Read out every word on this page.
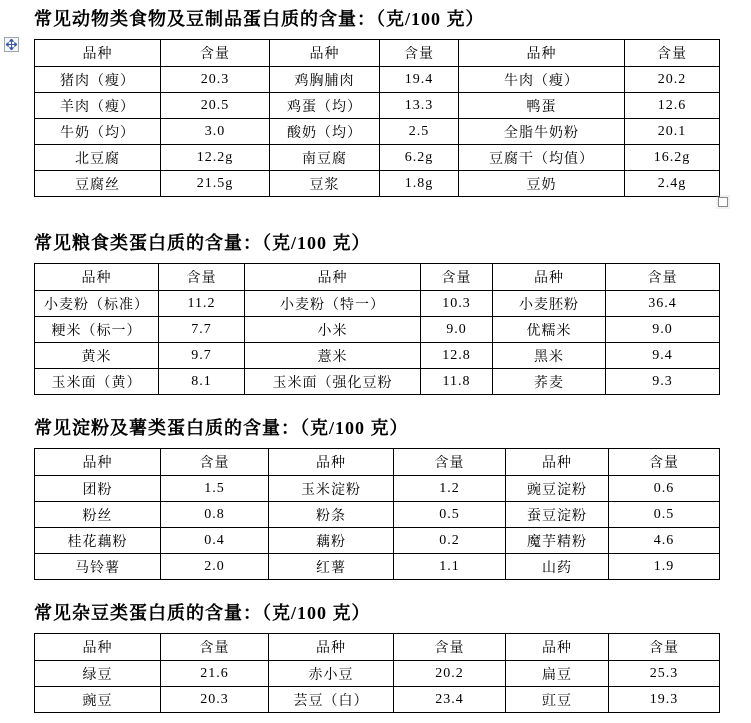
常见动物类食物及豆制品蛋白质的含量：（克/100 克）
品种	含量	品种	含量	品种	含量
猪肉（瘦）	20.3	鸡胸脯肉	19.4	牛肉（瘦）	20.2
羊肉（瘦）	20.5	鸡蛋（均）	13.3	鸭蛋	12.6
牛奶（均）	3.0	酸奶（均）	2.5	全脂牛奶粉	20.1
北豆腐	12.2g	南豆腐	6.2g	豆腐干（均值）	16.2g
豆腐丝	21.5g	豆浆	1.8g	豆奶	2.4g
常见粮食类蛋白质的含量：（克/100 克）
品种	含量	品种	含量	品种	含量
小麦粉（标准）	11.2	小麦粉（特一）	10.3	小麦胚粉	36.4
粳米（标一）	7.7	小米	9.0	优糯米	9.0
黄米	9.7	薏米	12.8	黑米	9.4
玉米面（黄）	8.1	玉米面（强化豆粉	11.8	荞麦	9.3
常见淀粉及薯类蛋白质的含量：（克/100 克）
品种	含量	品种	含量	品种	含量
团粉	1.5	玉米淀粉	1.2	豌豆淀粉	0.6
粉丝	0.8	粉条	0.5	蚕豆淀粉	0.5
桂花藕粉	0.4	藕粉	0.2	魔芋精粉	4.6
马铃薯	2.0	红薯	1.1	山药	1.9
常见杂豆类蛋白质的含量：（克/100 克）
品种	含量	品种	含量	品种	含量
绿豆	21.6	赤小豆	20.2	扁豆	25.3
豌豆	20.3	芸豆（白）	23.4	豇豆	19.3
